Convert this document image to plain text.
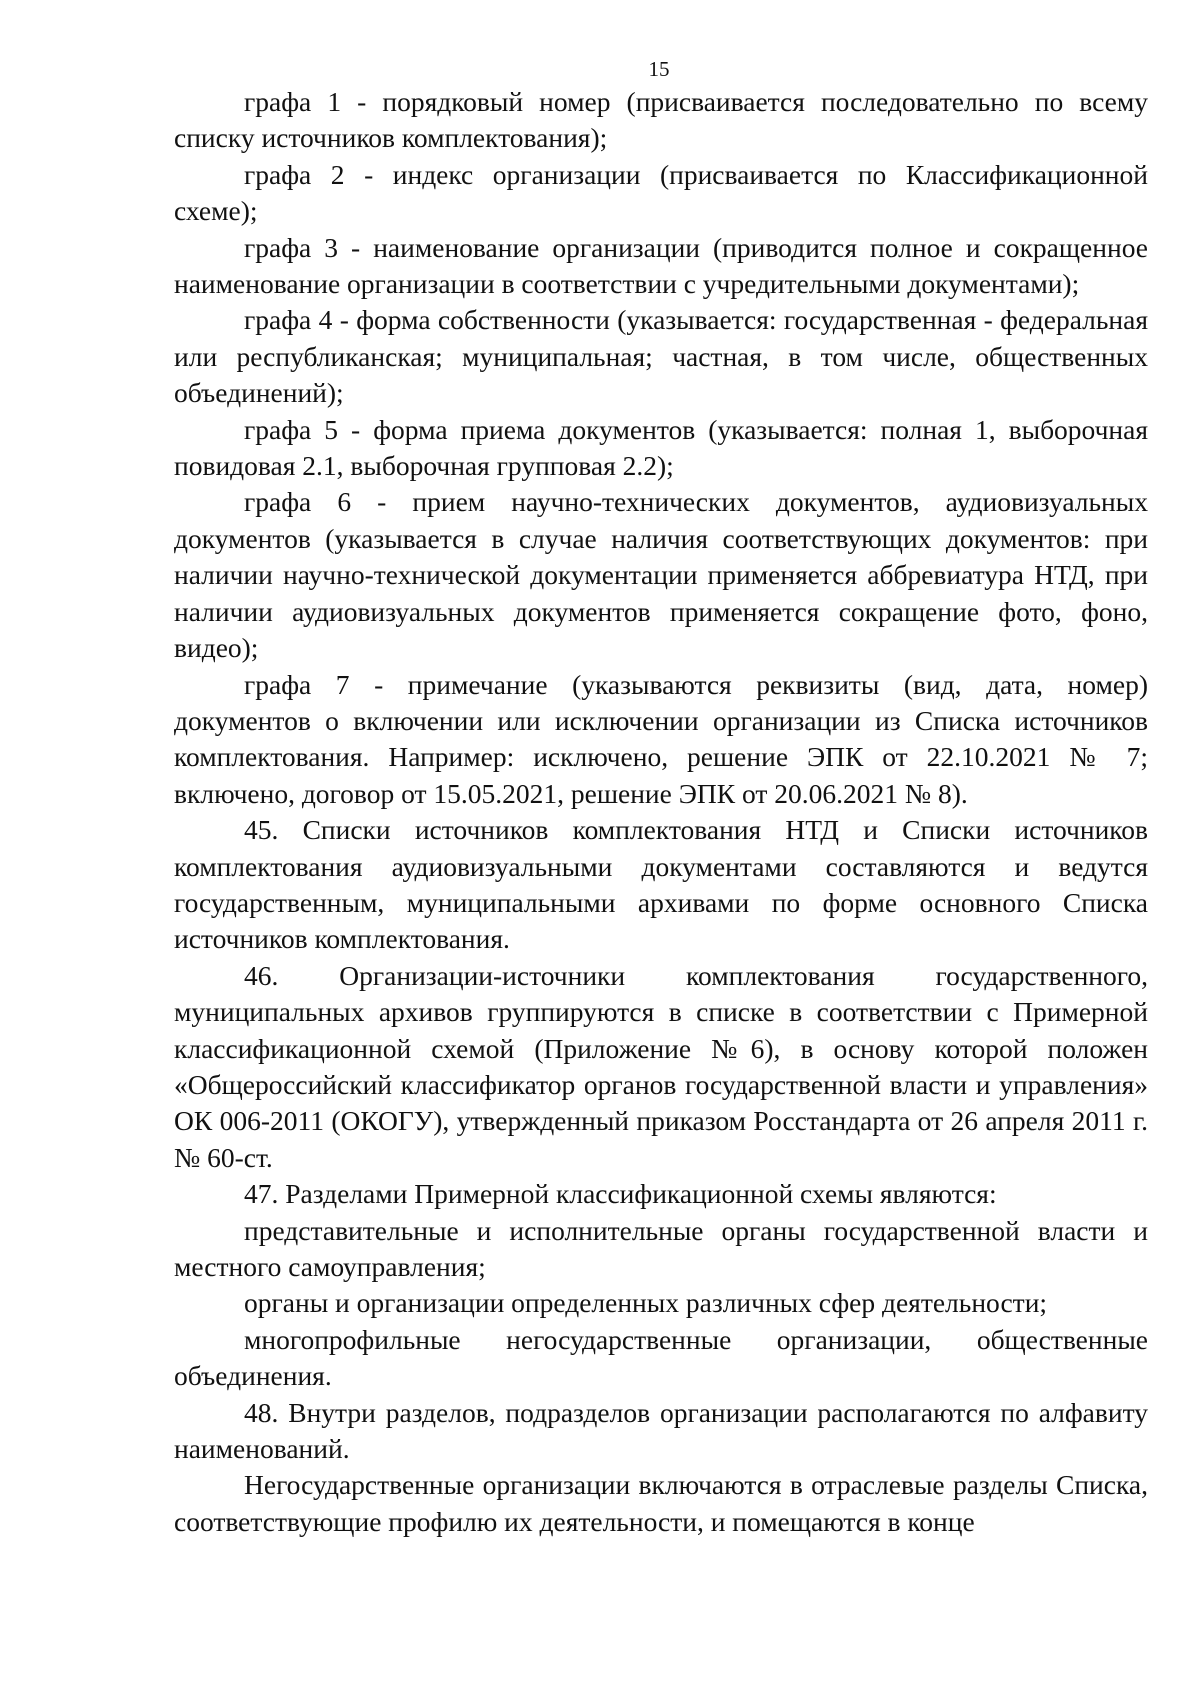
15

графа 1 - порядковый номер (присваивается последовательно по всему списку источников комплектования);

графа 2 - индекс организации (присваивается по Классификационной схеме);

графа 3 - наименование организации (приводится полное и сокращенное наименование организации в соответствии с учредительными документами);

графа 4 - форма собственности (указывается: государственная - федеральная или республиканская; муниципальная; частная, в том числе, общественных объединений);

графа 5 - форма приема документов (указывается: полная 1, выборочная повидовая 2.1, выборочная групповая 2.2);

графа 6 - прием научно-технических документов, аудиовизуальных документов (указывается в случае наличия соответствующих документов: при наличии научно-технической документации применяется аббревиатура НТД, при наличии аудиовизуальных документов применяется сокращение фото, фоно, видео);

графа 7 - примечание (указываются реквизиты (вид, дата, номер) документов о включении или исключении организации из Списка источников комплектования. Например: исключено, решение ЭПК от 22.10.2021 № 7; включено, договор от 15.05.2021, решение ЭПК от 20.06.2021 № 8).

45. Списки источников комплектования НТД и Списки источников комплектования аудиовизуальными документами составляются и ведутся государственным, муниципальными архивами по форме основного Списка источников комплектования.

46. Организации-источники комплектования государственного, муниципальных архивов группируются в списке в соответствии с Примерной классификационной схемой (Приложение №6), в основу которой положен «Общероссийский классификатор органов государственной власти и управления» ОК 006-2011 (ОКОГУ), утвержденный приказом Росстандарта от 26 апреля 2011 г. № 60-ст.

47. Разделами Примерной классификационной схемы являются:

представительные и исполнительные органы государственной власти и местного самоуправления;

органы и организации определенных различных сфер деятельности;

многопрофильные негосударственные организации, общественные объединения.

48. Внутри разделов, подразделов организации располагаются по алфавиту наименований.

Негосударственные организации включаются в отраслевые разделы Списка, соответствующие профилю их деятельности, и помещаются в конце
